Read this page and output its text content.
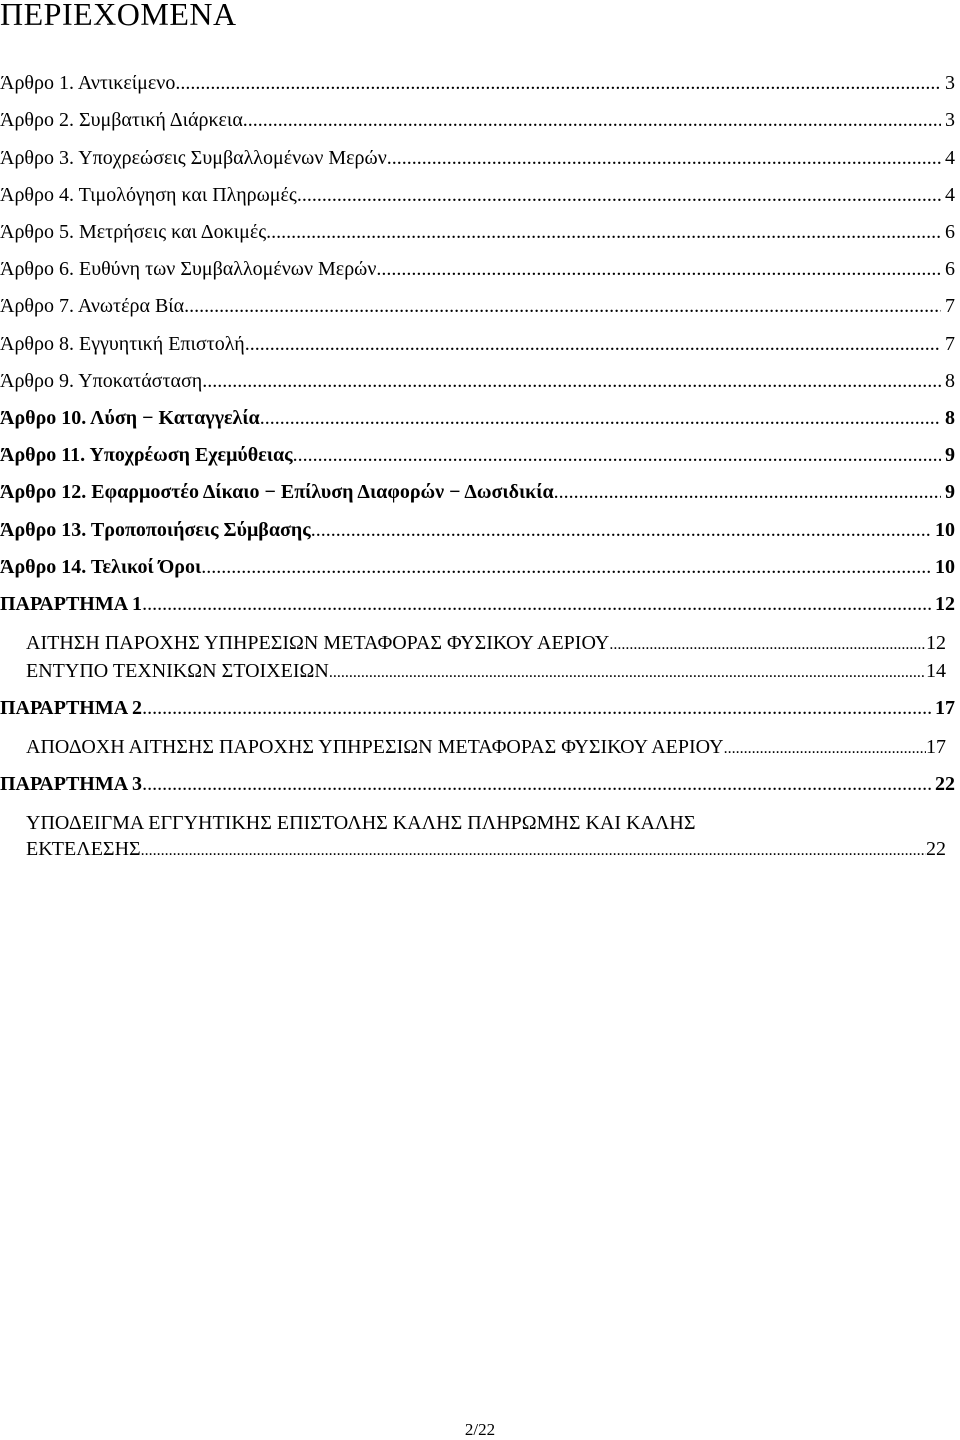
ΠΕΡΙΕΧΟΜΕΝΑ
Άρθρο 1. Αντικείμενο .....	3
Άρθρο 2. Συμβατική Διάρκεια .....	3
Άρθρο 3. Υποχρεώσεις Συμβαλλομένων Μερών .....	4
Άρθρο 4. Τιμολόγηση και Πληρωμές .....	4
Άρθρο 5. Μετρήσεις και Δοκιμές .....	6
Άρθρο 6. Ευθύνη των Συμβαλλομένων Μερών .....	6
Άρθρο 7. Ανωτέρα Βία .....	7
Άρθρο 8. Εγγυητική Επιστολή .....	7
Άρθρο 9. Υποκατάσταση .....	8
Άρθρο 10. Λύση − Καταγγελία .....	8
Άρθρο 11. Υποχρέωση Εχεμύθειας .....	9
Άρθρο 12. Εφαρμοστέο Δίκαιο − Επίλυση Διαφορών − Δωσιδικία .....	9
Άρθρο 13. Τροποποιήσεις Σύμβασης .....	10
Άρθρο 14. Τελικοί Όροι .....	10
ΠΑΡΑΡΤΗΜΑ 1 .....	12
ΑΙΤΗΣΗ ΠΑΡΟΧΗΣ ΥΠΗΡΕΣΙΩΝ ΜΕΤΑΦΟΡΑΣ ΦΥΣΙΚΟΥ ΑΕΡΙΟΥ .....	12
ΕΝΤΥΠΟ ΤΕΧΝΙΚΩΝ ΣΤΟΙΧΕΙΩΝ .....	14
ΠΑΡΑΡΤΗΜΑ 2 .....	17
ΑΠΟΔΟΧΗ ΑΙΤΗΣΗΣ ΠΑΡΟΧΗΣ ΥΠΗΡΕΣΙΩΝ ΜΕΤΑΦΟΡΑΣ ΦΥΣΙΚΟΥ ΑΕΡΙΟΥ .....	17
ΠΑΡΑΡΤΗΜΑ 3 .....	22
ΥΠΟΔΕΙΓΜΑ ΕΓΓΥΗΤΙΚΗΣ ΕΠΙΣΤΟΛΗΣ ΚΑΛΗΣ ΠΛΗΡΩΜΗΣ ΚΑΙ ΚΑΛΗΣ
ΕΚΤΕΛΕΣΗΣ .....	22
2/22
